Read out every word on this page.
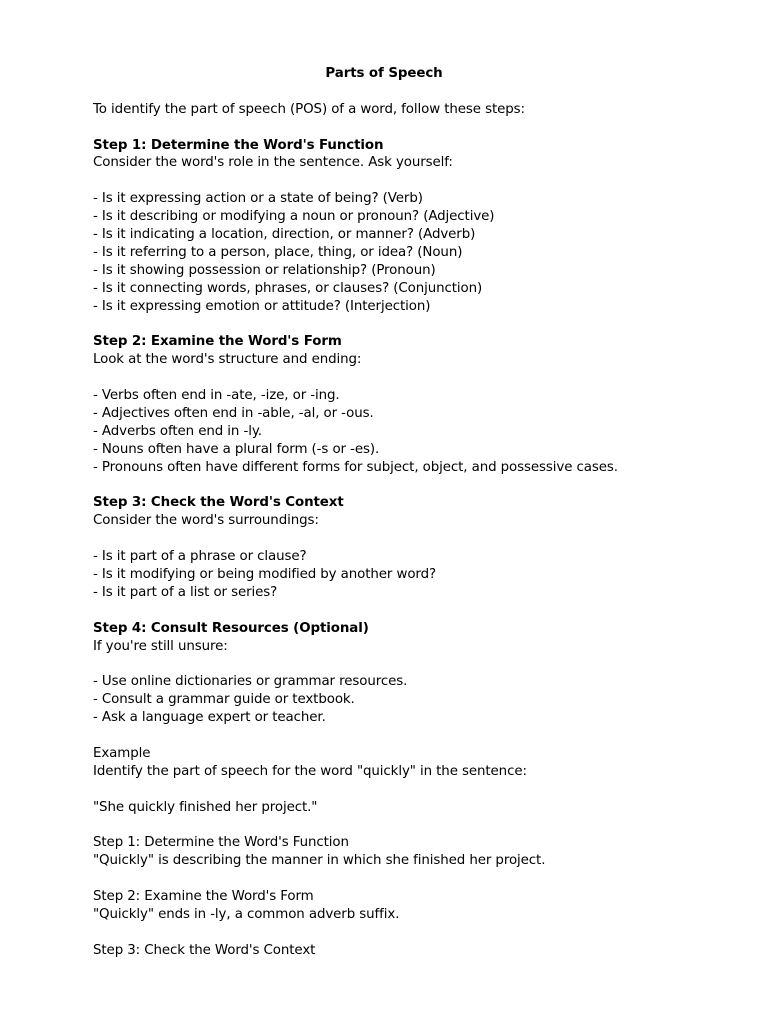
Parts of Speech
To identify the part of speech (POS) of a word, follow these steps:
Step 1: Determine the Word's Function
Consider the word's role in the sentence. Ask yourself:
- Is it expressing action or a state of being? (Verb)
- Is it describing or modifying a noun or pronoun? (Adjective)
- Is it indicating a location, direction, or manner? (Adverb)
- Is it referring to a person, place, thing, or idea? (Noun)
- Is it showing possession or relationship? (Pronoun)
- Is it connecting words, phrases, or clauses? (Conjunction)
- Is it expressing emotion or attitude? (Interjection)
Step 2: Examine the Word's Form
Look at the word's structure and ending:
- Verbs often end in -ate, -ize, or -ing.
- Adjectives often end in -able, -al, or -ous.
- Adverbs often end in -ly.
- Nouns often have a plural form (-s or -es).
- Pronouns often have different forms for subject, object, and possessive cases.
Step 3: Check the Word's Context
Consider the word's surroundings:
- Is it part of a phrase or clause?
- Is it modifying or being modified by another word?
- Is it part of a list or series?
Step 4: Consult Resources (Optional)
If you're still unsure:
- Use online dictionaries or grammar resources.
- Consult a grammar guide or textbook.
- Ask a language expert or teacher.
Example
Identify the part of speech for the word "quickly" in the sentence:
"She quickly finished her project."
Step 1: Determine the Word's Function
"Quickly" is describing the manner in which she finished her project.
Step 2: Examine the Word's Form
"Quickly" ends in -ly, a common adverb suffix.
Step 3: Check the Word's Context
